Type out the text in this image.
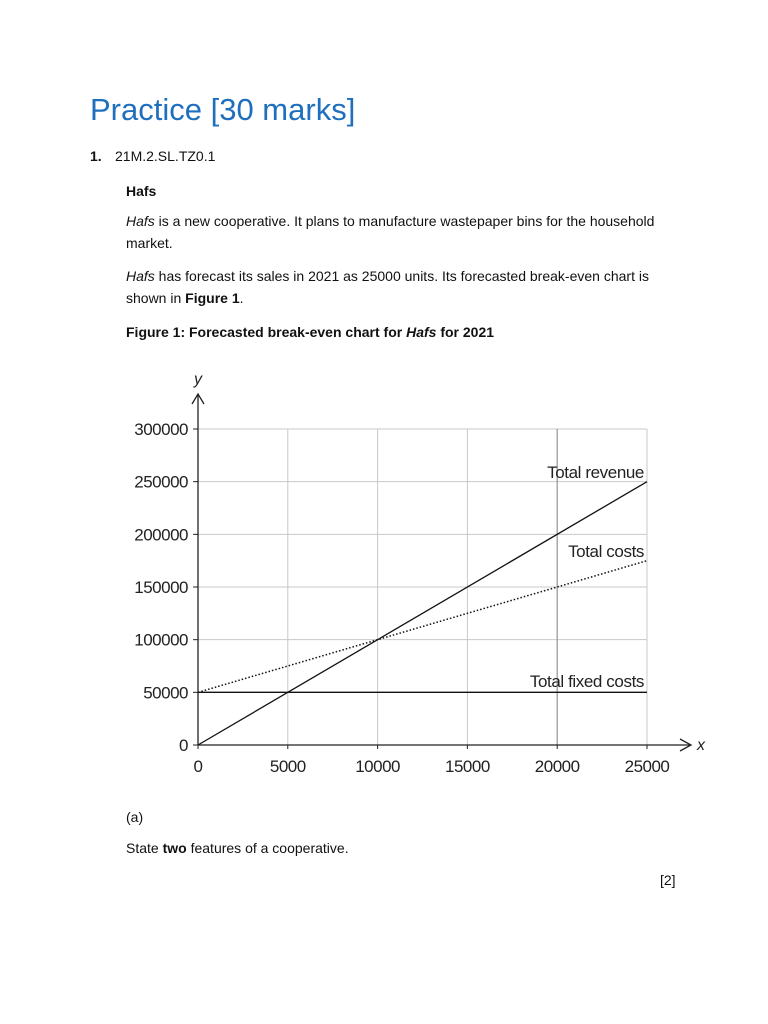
Practice [30 marks]
1. 21M.2.SL.TZ0.1
Hafs
Hafs is a new cooperative. It plans to manufacture wastepaper bins for the household market.
Hafs has forecast its sales in 2021 as 25000 units. Its forecasted break-even chart is shown in Figure 1.
Figure 1: Forecasted break-even chart for Hafs for 2021
y
x
0
50000
100000
150000
200000
250000
300000
0	5000	10000	15000	20000	25000
Total revenue
Total costs
Total fixed costs
(a)
State two features of a cooperative.
[2]
